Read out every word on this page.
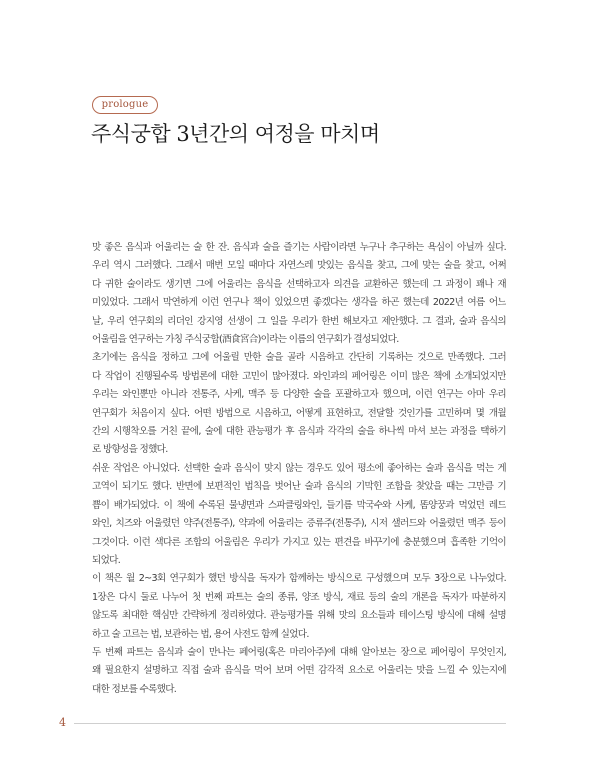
prologue
주식궁합 3년간의 여정을 마치며

맛 좋은 음식과 어울리는 술 한 잔. 음식과 술을 즐기는 사람이라면 누구나 추구하는 욕심이 아닐까 싶다.
우리 역시 그러했다. 그래서 매번 모일 때마다 자연스레 맛있는 음식을 찾고, 그에 맞는 술을 찾고, 어쩌
다 귀한 술이라도 생기면 그에 어울리는 음식을 선택하고자 의견을 교환하곤 했는데 그 과정이 꽤나 재
미있었다. 그래서 막연하게 이런 연구나 책이 있었으면 좋겠다는 생각을 하곤 했는데 2022년 여름 어느
날, 우리 연구회의 리더인 강지영 선생이 그 일을 우리가 한번 해보자고 제안했다. 그 결과, 술과 음식의
어울림을 연구하는 가칭 주식궁합(酒食宮合)이라는 이름의 연구회가 결성되었다.

초기에는 음식을 정하고 그에 어울릴 만한 술을 골라 시음하고 간단히 기록하는 것으로 만족했다. 그러
다 작업이 진행될수록 방법론에 대한 고민이 많아졌다. 와인과의 페어링은 이미 많은 책에 소개되었지만
우리는 와인뿐만 아니라 전통주, 사케, 맥주 등 다양한 술을 포괄하고자 했으며, 이런 연구는 아마 우리
연구회가 처음이지 싶다. 어떤 방법으로 시음하고, 어떻게 표현하고, 전달할 것인가를 고민하며 몇 개월
간의 시행착오를 거친 끝에, 술에 대한 관능평가 후 음식과 각각의 술을 하나씩 마셔 보는 과정을 택하기
로 방향성을 정했다.

쉬운 작업은 아니었다. 선택한 술과 음식이 맞지 않는 경우도 있어 평소에 좋아하는 술과 음식을 먹는 게
고역이 되기도 했다. 반면에 보편적인 법칙을 벗어난 술과 음식의 기막힌 조합을 찾았을 때는 그만큼 기
쁨이 배가되었다. 이 책에 수록된 물냉면과 스파클링와인, 들기름 막국수와 사케, 똠양꿍과 먹었던 레드
와인, 치즈와 어울렸던 약주(전통주), 약과에 어울리는 증류주(전통주), 시저 샐러드와 어울렸던 맥주 등이
그것이다. 이런 색다른 조합의 어울림은 우리가 가지고 있는 편견을 바꾸기에 충분했으며 흡족한 기억이
되었다.

이 책은 월 2~3회 연구회가 했던 방식을 독자가 함께하는 방식으로 구성했으며 모두 3장으로 나누었다.
1장은 다시 둘로 나누어 첫 번째 파트는 술의 종류, 양조 방식, 재료 등의 술의 개론을 독자가 따분하지
않도록 최대한 핵심만 간략하게 정리하였다. 관능평가를 위해 맛의 요소들과 테이스팅 방식에 대해 설명
하고 술 고르는 법, 보관하는 법, 용어 사전도 함께 실었다.

두 번째 파트는 음식과 술이 만나는 페어링(혹은 마리아주)에 대해 알아보는 장으로 페어링이 무엇인지,
왜 필요한지 설명하고 직접 술과 음식을 먹어 보며 어떤 감각적 요소로 어울리는 맛을 느낄 수 있는지에
대한 정보를 수록했다.

4
